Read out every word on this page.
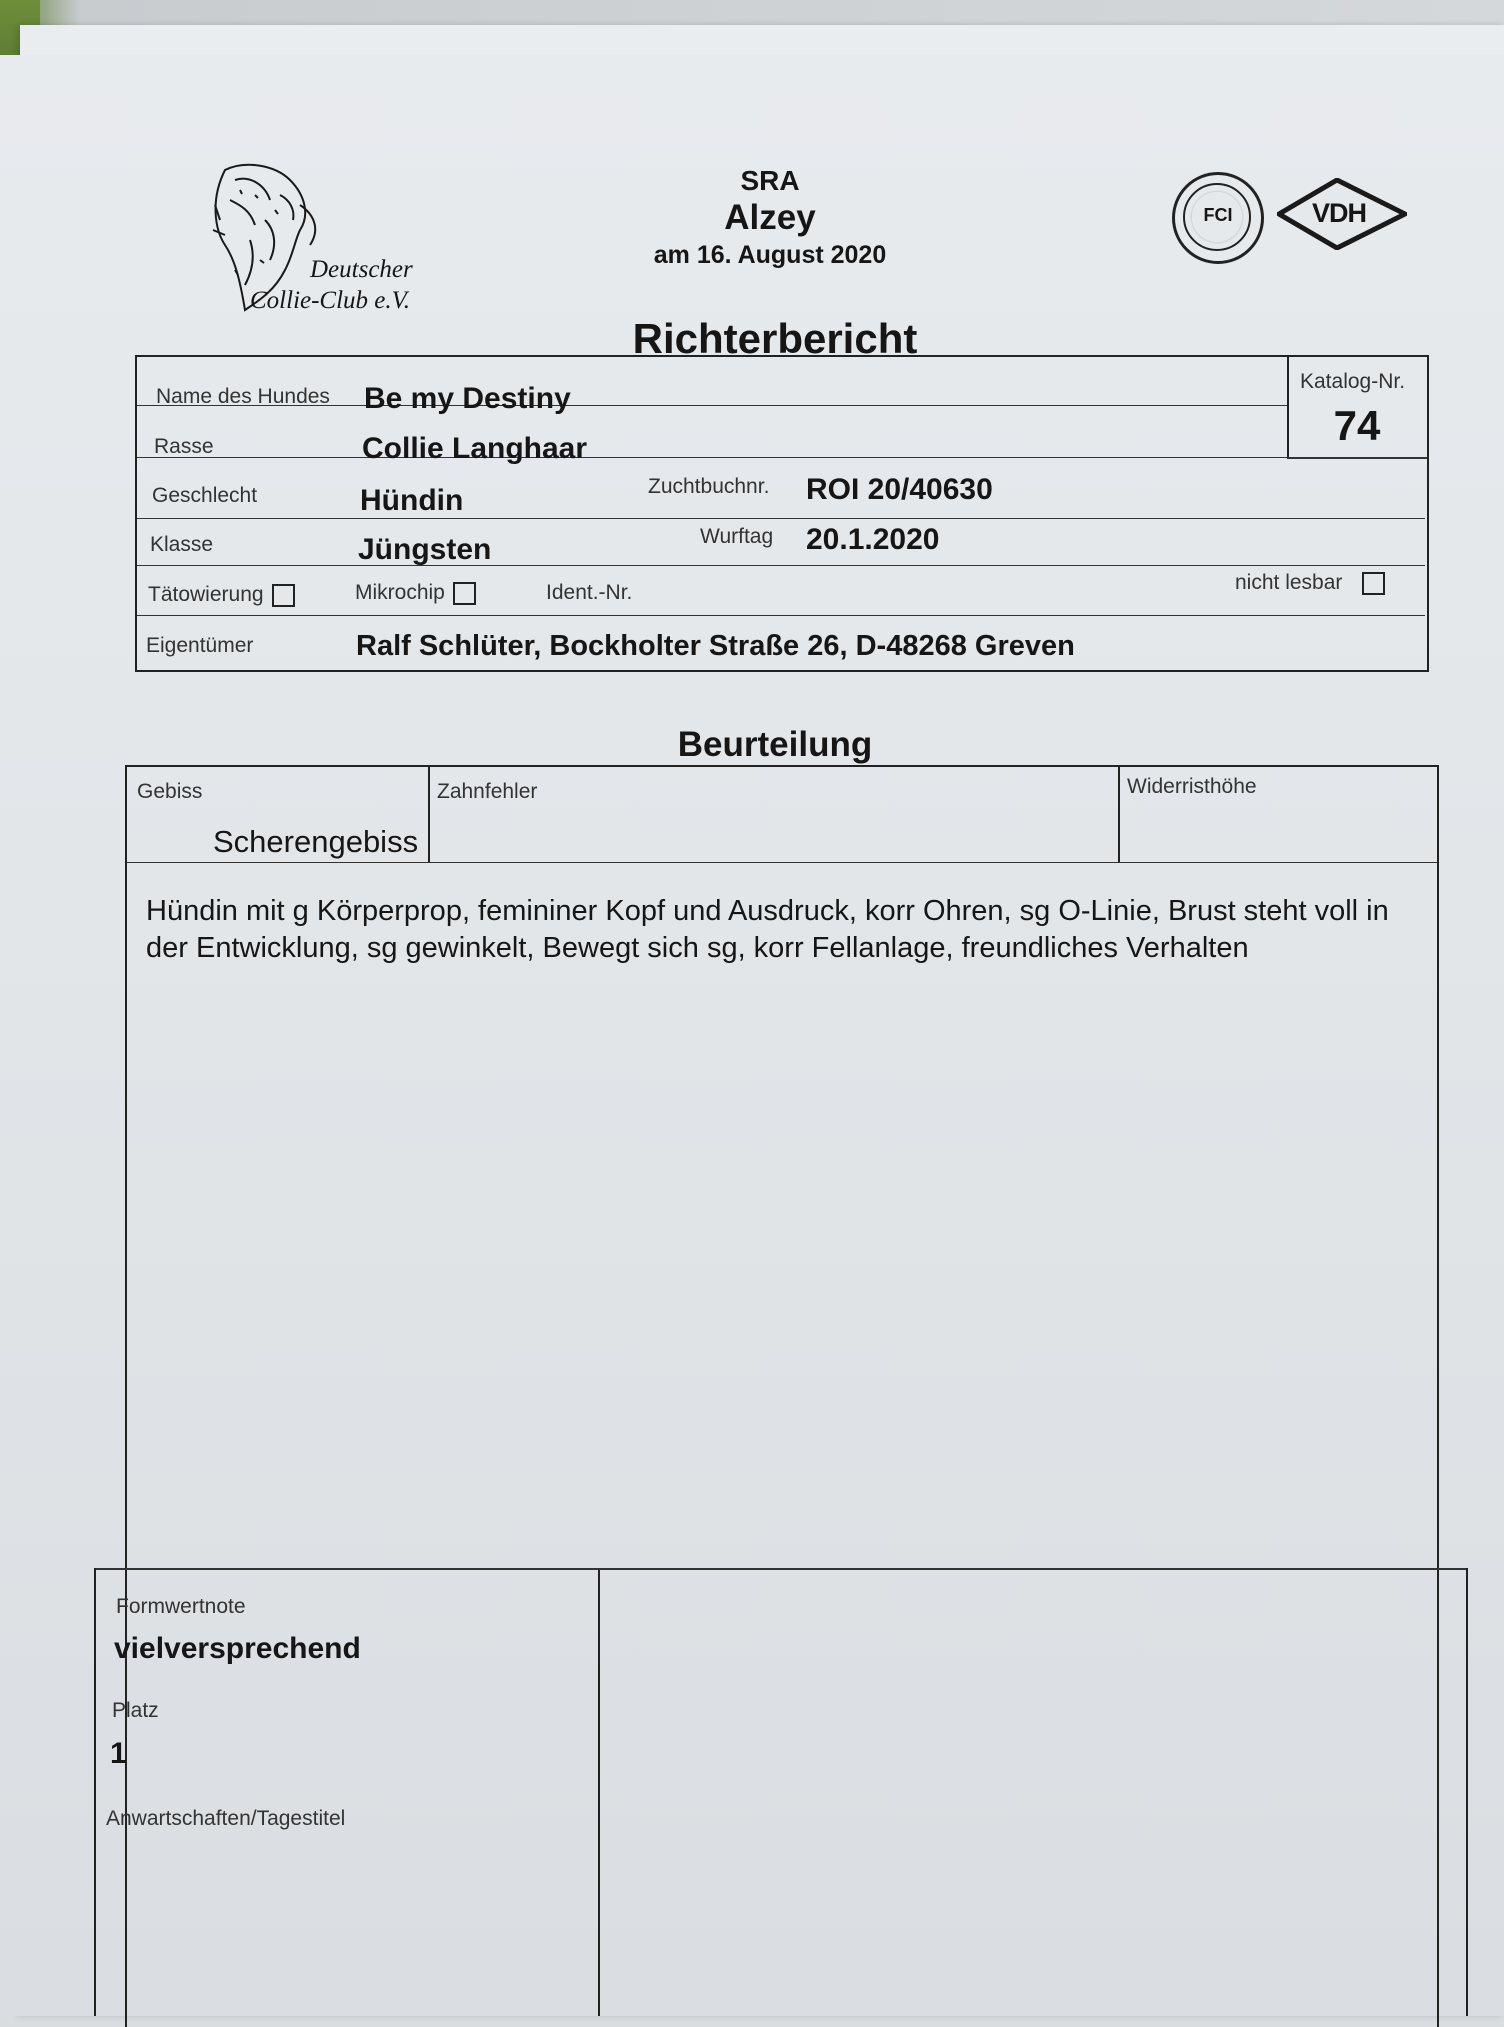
Deutscher
Collie-Club e.V.
SRA
Alzey
am 16. August 2020
FCI	VDH
Richterbericht
Name des Hundes Be my Destiny
Katalog-Nr.
74
Rasse	Collie Langhaar
Geschlecht	Hündin	Zuchtbuchnr. ROI 20/40630
Klasse	Jüngsten	Wurftag 20.1.2020
Tätowierung	Mikrochip	Ident.-Nr.	nicht lesbar
Eigentümer	Ralf Schlüter, Bockholter Straße 26, D-48268 Greven
Beurteilung
Gebiss
Scherengebiss
Zahnfehler	Widerristhöhe
Hündin mit g Körperprop, femininer Kopf und Ausdruck, korr Ohren, sg O-Linie, Brust steht voll in der Entwicklung, sg gewinkelt, Bewegt sich sg, korr Fellanlage, freundliches Verhalten
Formwertnote
vielversprechend
Platz
1
Anwartschaften/Tagestitel
